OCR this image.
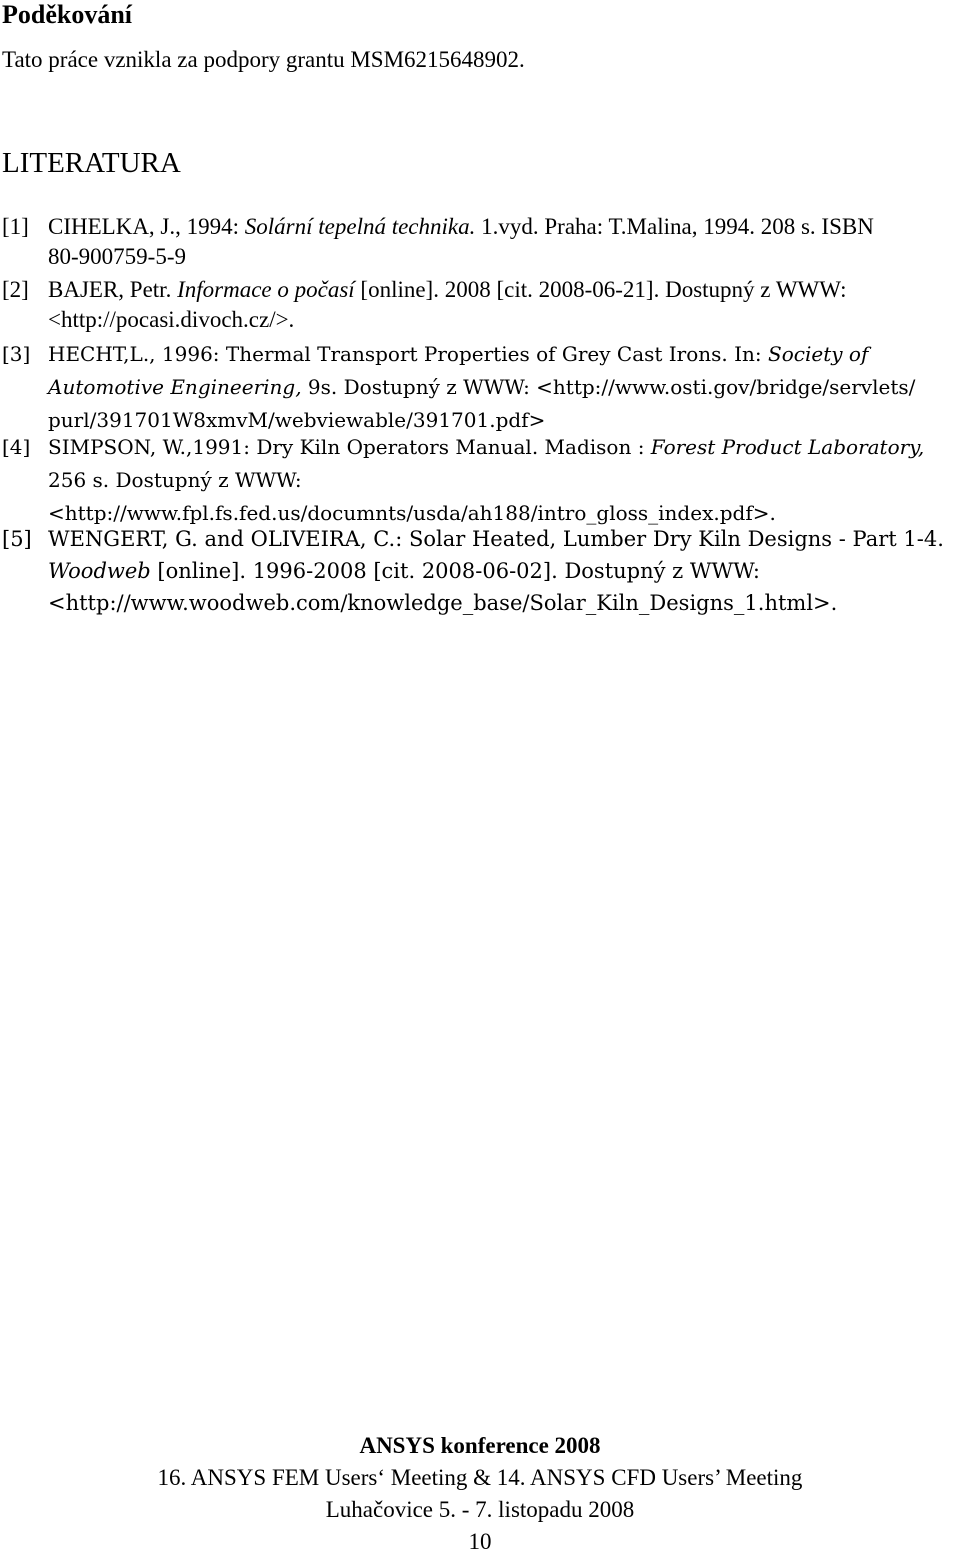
Poděkování
Tato práce vznikla za podpory grantu MSM6215648902.
LITERATURA
[1] CIHELKA, J., 1994: Solární tepelná technika. 1.vyd. Praha: T.Malina, 1994. 208 s. ISBN
80-900759-5-9
[2] BAJER, Petr. Informace o počasí [online]. 2008 [cit. 2008-06-21]. Dostupný z WWW:
<http://pocasi.divoch.cz/>.
[3] HECHT,L., 1996: Thermal Transport Properties of Grey Cast Irons. In: Society of
Automotive Engineering, 9s. Dostupný z WWW: <http://www.osti.gov/bridge/servlets/
purl/391701W8xmvM/webviewable/391701.pdf>
[4] SIMPSON, W.,1991: Dry Kiln Operators Manual. Madison : Forest Product Laboratory,
256 s. Dostupný z WWW:
<http://www.fpl.fs.fed.us/documnts/usda/ah188/intro_gloss_index.pdf>.
[5] WENGERT, G. and OLIVEIRA, C.: Solar Heated, Lumber Dry Kiln Designs - Part 1-4.
Woodweb [online]. 1996-2008 [cit. 2008-06-02]. Dostupný z WWW:
<http://www.woodweb.com/knowledge_base/Solar_Kiln_Designs_1.html>.
ANSYS konference 2008
16. ANSYS FEM Users‘ Meeting & 14. ANSYS CFD Users’ Meeting
Luhačovice 5. - 7. listopadu 2008
10
